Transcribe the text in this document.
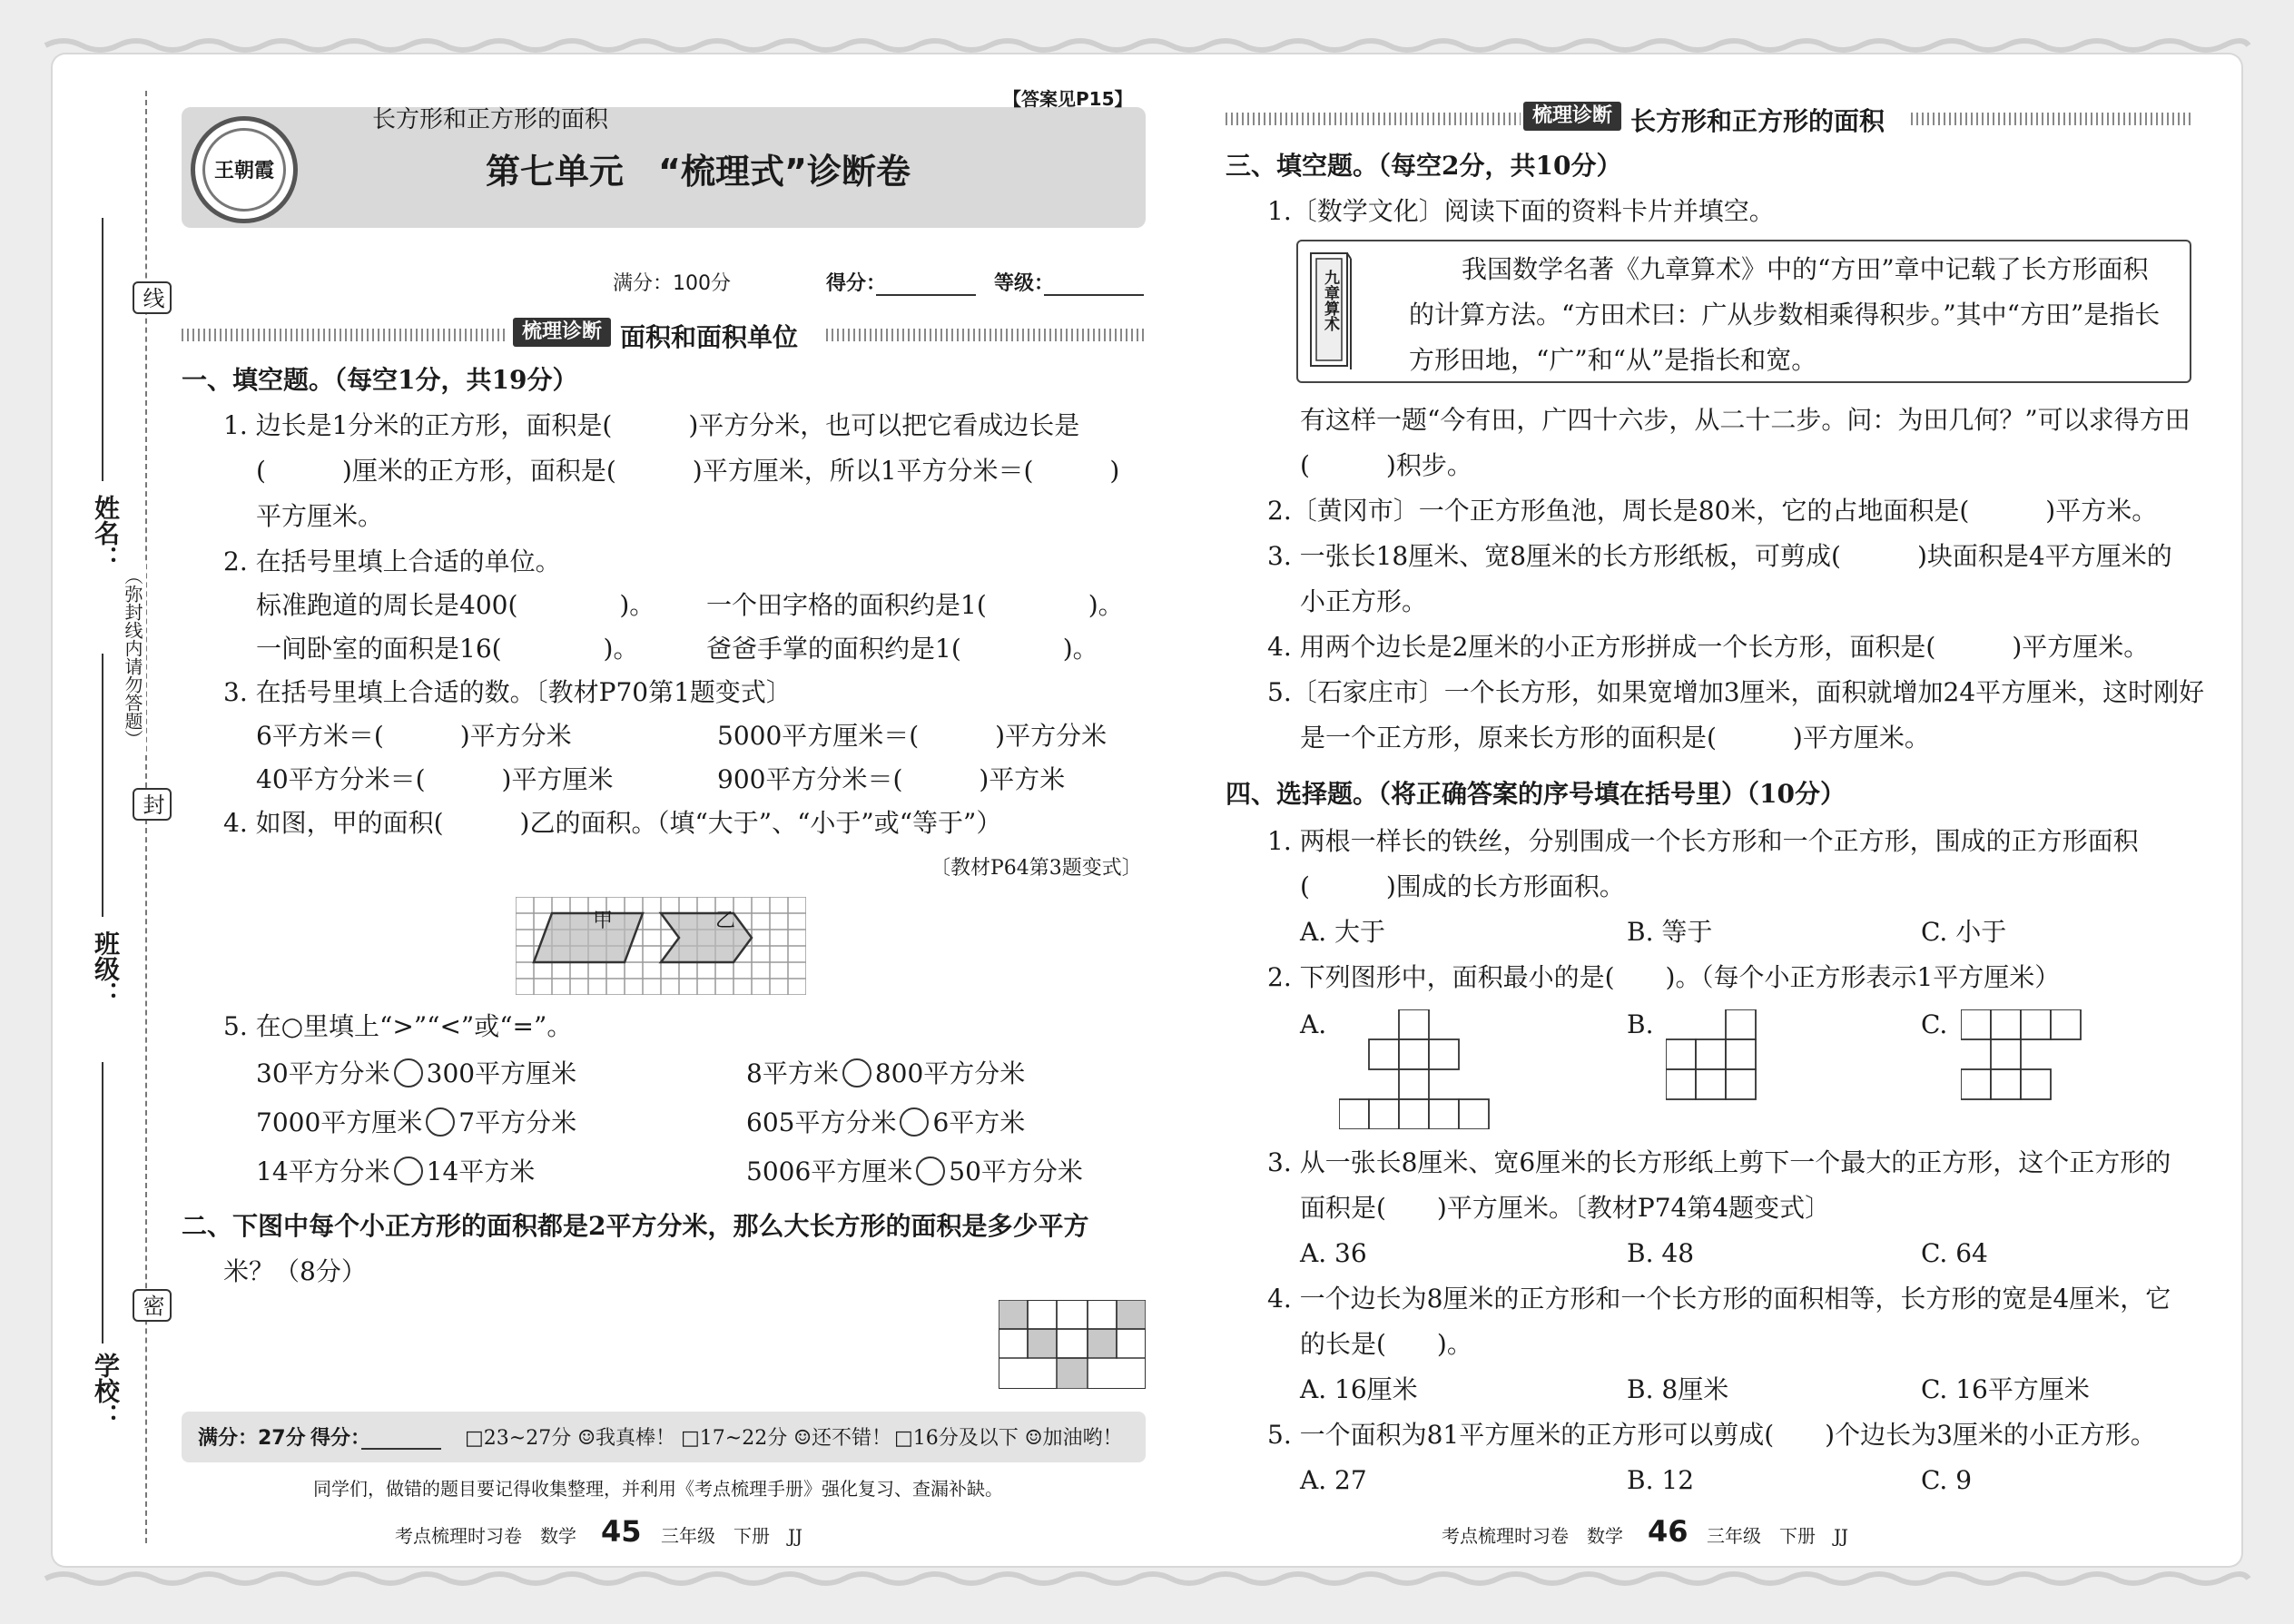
线
封
密
（弥封线内请勿答题）
姓名：
班级：
学校：
长方形和正方形的面积
【答案见P15】
王朝霞	第七单元　“梳理式”诊断卷
满分：100分	得分：	等级：
梳理诊断 面积和面积单位
一、填空题。（每空1分，共19分）
1. 边长是1分米的正方形，面积是(　　　)平方分米，也可以把它看成边长是
(　　　)厘米的正方形，面积是(　　　)平方厘米，所以1平方分米＝(　　　)
平方厘米。
2. 在括号里填上合适的单位。
标准跑道的周长是400(　　　　)。 一个田字格的面积约是1(　　　　)。
一间卧室的面积是16(　　　　)。	爸爸手掌的面积约是1(　　　　)。
3. 在括号里填上合适的数。〔教材P70第1题变式〕
6平方米＝(　　　)平方分米	5000平方厘米＝(　　　)平方分米
40平方分米＝(　　　)平方厘米	900平方分米＝(　　　)平方米
4. 如图，甲的面积(　　　)乙的面积。（填“大于”、“小于”或“等于”）
〔教材P64第3题变式〕
甲	乙
5. 在○里填上“>”“<”或“=”。
30平方分米 300平方厘米	8平方米 800平方分米
7000平方厘米 7平方分米	605平方分米 6平方米
14平方分米 14平方米	5006平方厘米 50平方分米
二、下图中每个小正方形的面积都是2平方分米，那么大长方形的面积是多少平方
米？（8分）
满分：27分 得分：	□23~27分 ☺我真棒！ □17~22分 ☺还不错！ □16分及以下 ☺加油哟！
同学们，做错的题目要记得收集整理，并利用《考点梳理手册》强化复习、查漏补缺。
考点梳理时习卷　数学 45 三年级　下册　JJ
梳理诊断 长方形和正方形的面积
三、填空题。（每空2分，共10分）
1.〔数学文化〕阅读下面的资料卡片并填空。
九章算术
我国数学名著《九章算术》中的“方田”章中记载了长方形面积
的计算方法。“方田术曰：广从步数相乘得积步。”其中“方田”是指长
方形田地，“广”和“从”是指长和宽。
有这样一题“今有田，广四十六步，从二十二步。问：为田几何？”可以求得方田
(　　　)积步。
2.〔黄冈市〕一个正方形鱼池，周长是80米，它的占地面积是(　　　)平方米。
3. 一张长18厘米、宽8厘米的长方形纸板，可剪成(　　　)块面积是4平方厘米的
小正方形。
4. 用两个边长是2厘米的小正方形拼成一个长方形，面积是(　　　)平方厘米。
5.〔石家庄市〕一个长方形，如果宽增加3厘米，面积就增加24平方厘米，这时刚好
是一个正方形，原来长方形的面积是(　　　)平方厘米。
四、选择题。（将正确答案的序号填在括号里）（10分）
1. 两根一样长的铁丝，分别围成一个长方形和一个正方形，围成的正方形面积
(　　　)围成的长方形面积。
A. 大于	B. 等于	C. 小于
2. 下列图形中，面积最小的是(　　)。（每个小正方形表示1平方厘米）
A.	B.	C.
3. 从一张长8厘米、宽6厘米的长方形纸上剪下一个最大的正方形，这个正方形的
面积是(　　)平方厘米。〔教材P74第4题变式〕
A. 36	B. 48	C. 64
4. 一个边长为8厘米的正方形和一个长方形的面积相等，长方形的宽是4厘米，它
的长是(　　)。
A. 16厘米	B. 8厘米	C. 16平方厘米
5. 一个面积为81平方厘米的正方形可以剪成(　　)个边长为3厘米的小正方形。
A. 27	B. 12	C. 9
考点梳理时习卷　数学 46 三年级　下册　JJ
